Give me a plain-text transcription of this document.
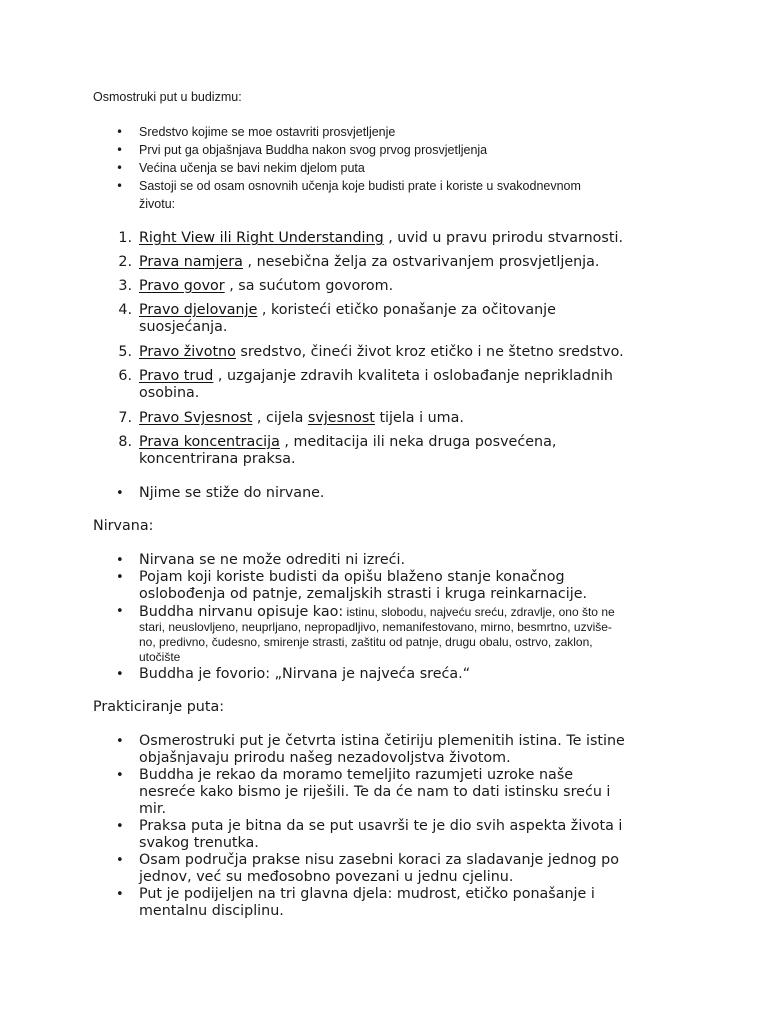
Osmostruki put u budizmu:
• Sredstvo kojime se moe ostavriti prosvjetljenje
• Prvi put ga objašnjava Buddha nakon svog prvog prosvjetljenja
• Većina učenja se bavi nekim djelom puta
• Sastoji se od osam osnovnih učenja koje budisti prate i koriste u svakodnevnom
životu:
1. Right View ili Right Understanding , uvid u pravu prirodu stvarnosti.
2. Prava namjera , nesebična želja za ostvarivanjem prosvjetljenja.
3. Pravo govor , sa sućutom govorom.
4. Pravo djelovanje , koristeći etičko ponašanje za očitovanje
suosjećanja.
5. Pravo životno sredstvo, čineći život kroz etičko i ne štetno sredstvo.
6. Pravo trud , uzgajanje zdravih kvaliteta i oslobađanje neprikladnih
osobina.
7. Pravo Svjesnost , cijela svjesnost tijela i uma.
8. Prava koncentracija , meditacija ili neka druga posvećena,
koncentrirana praksa.
• Njime se stiže do nirvane.
Nirvana:
• Nirvana se ne može odrediti ni izreći.
• Pojam koji koriste budisti da opišu blaženo stanje konačnog
oslobođenja od patnje, zemaljskih strasti i kruga reinkarnacije.
• Buddha nirvanu opisuje kao: istinu, slobodu, najveću sreću, zdravlje, ono što ne
stari, neuslovljeno, neuprljano, nepropadljivo, nemanifestovano, mirno, besmrtno, uzviše-
no, predivno, čudesno, smirenje strasti, zaštitu od patnje, drugu obalu, ostrvo, zaklon,
utočište
• Buddha je fovorio: „Nirvana je najveća sreća.“
Prakticiranje puta:
• Osmerostruki put je četvrta istina četiriju plemenitih istina. Te istine
objašnjavaju prirodu našeg nezadovoljstva životom.
• Buddha je rekao da moramo temeljito razumjeti uzroke naše
nesreće kako bismo je riješili. Te da će nam to dati istinsku sreću i
mir.
• Praksa puta je bitna da se put usavrši te je dio svih aspekta života i
svakog trenutka.
• Osam područja prakse nisu zasebni koraci za sladavanje jednog po
jednov, već su međosobno povezani u jednu cjelinu.
• Put je podijeljen na tri glavna djela: mudrost, etičko ponašanje i
mentalnu disciplinu.
